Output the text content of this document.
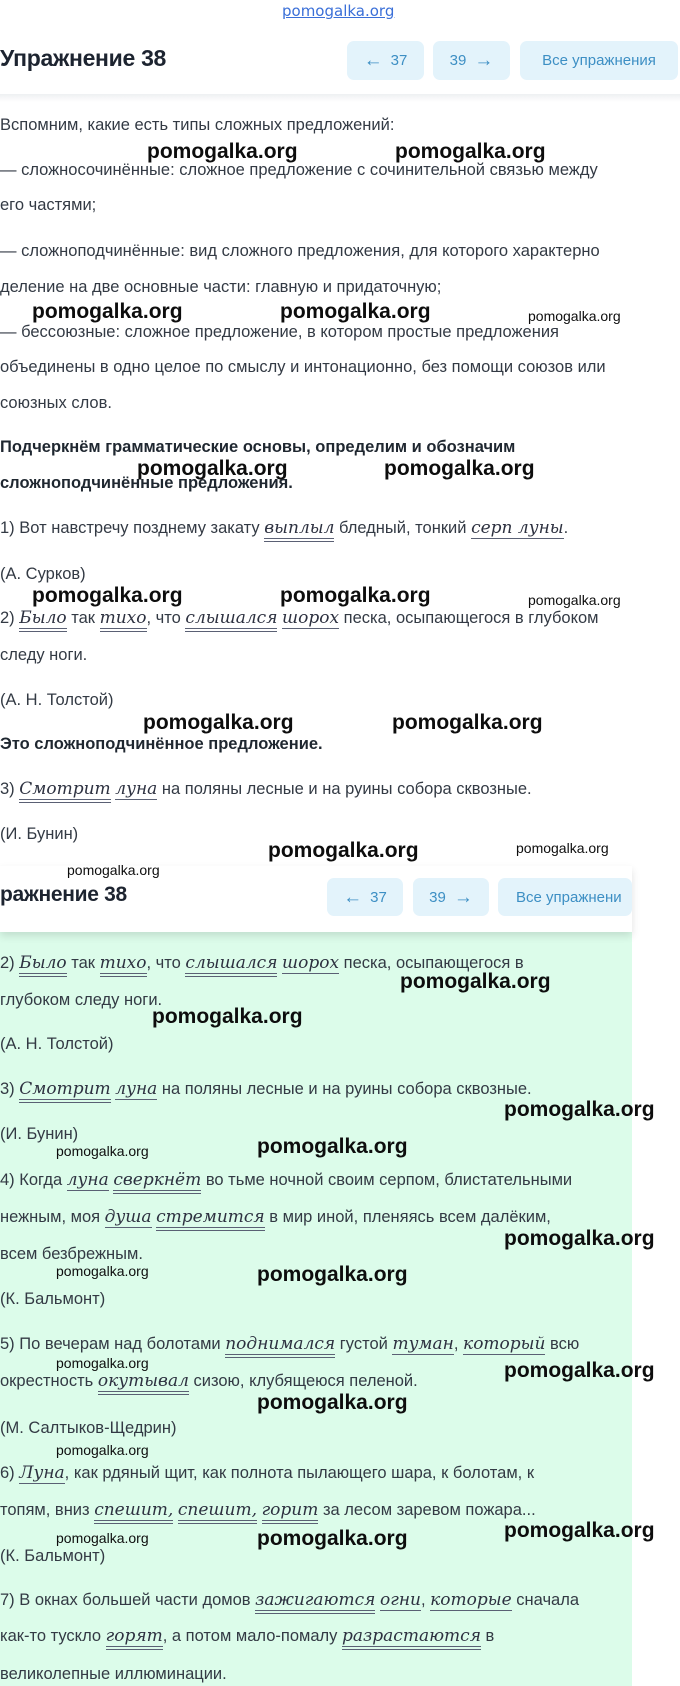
pomogalka.org
Упражнение 38	← 37	39 →	Все упражнения
Вспомним, какие есть типы сложных предложений:
— сложносочинённые: сложное предложение с сочинительной связью между
его частями;
— сложноподчинённые: вид сложного предложения, для которого характерно
деление на две основные части: главную и придаточную;
— бессоюзные: сложное предложение, в котором простые предложения
объединены в одно целое по смыслу и интонационно, без помощи союзов или
союзных слов.
Подчеркнём грамматические основы, определим и обозначим
сложноподчинённые предложения.
1) Вот навстречу позднему закату выплыл бледный, тонкий серп луны.
(А. Сурков)
2) Было так тихо, что слышался шорох песка, осыпающегося в глубоком
следу ноги.
(А. Н. Толстой)
Это сложноподчинённое предложение.
3) Смотрит луна на поляны лесные и на руины собора сквозные.
(И. Бунин)
ражнение 38	← 37	39 →	Все упражнени
2) Было так тихо, что слышался шорох песка, осыпающегося в
глубоком следу ноги.
(А. Н. Толстой)
3) Смотрит луна на поляны лесные и на руины собора сквозные.
(И. Бунин)
4) Когда луна сверкнёт во тьме ночной своим серпом, блистательными
нежным, моя душа стремится в мир иной, пленяясь всем далёким,
всем безбрежным.
(К. Бальмонт)
5) По вечерам над болотами поднимался густой туман, который всю
окрестность окутывал сизою, клубящеюся пеленой.
(М. Салтыков-Щедрин)
6) Луна, как рдяный щит, как полнота пылающего шара, к болотам, к
топям, вниз спешит, спешит, горит за лесом заревом пожара...
(К. Бальмонт)
7) В окнах большей части домов зажигаются огни, которые сначала
как-то тускло горят, а потом мало-помалу разрастаются в
великолепные иллюминации.
pomogalka.org	pomogalka.org
pomogalka.org	pomogalka.org	pomogalka.org
pomogalka.org	pomogalka.org
pomogalka.org	pomogalka.org	pomogalka.org
pomogalka.org	pomogalka.org
pomogalka.org
pomogalka.org	pomogalka.org
pomogalka.org
pomogalka.org
pomogalka.org
pomogalka.org	pomogalka.org
pomogalka.org
pomogalka.org	pomogalka.org
pomogalka.org	pomogalka.org
pomogalka.org
pomogalka.org
pomogalka.org
pomogalka.org	pomogalka.org
